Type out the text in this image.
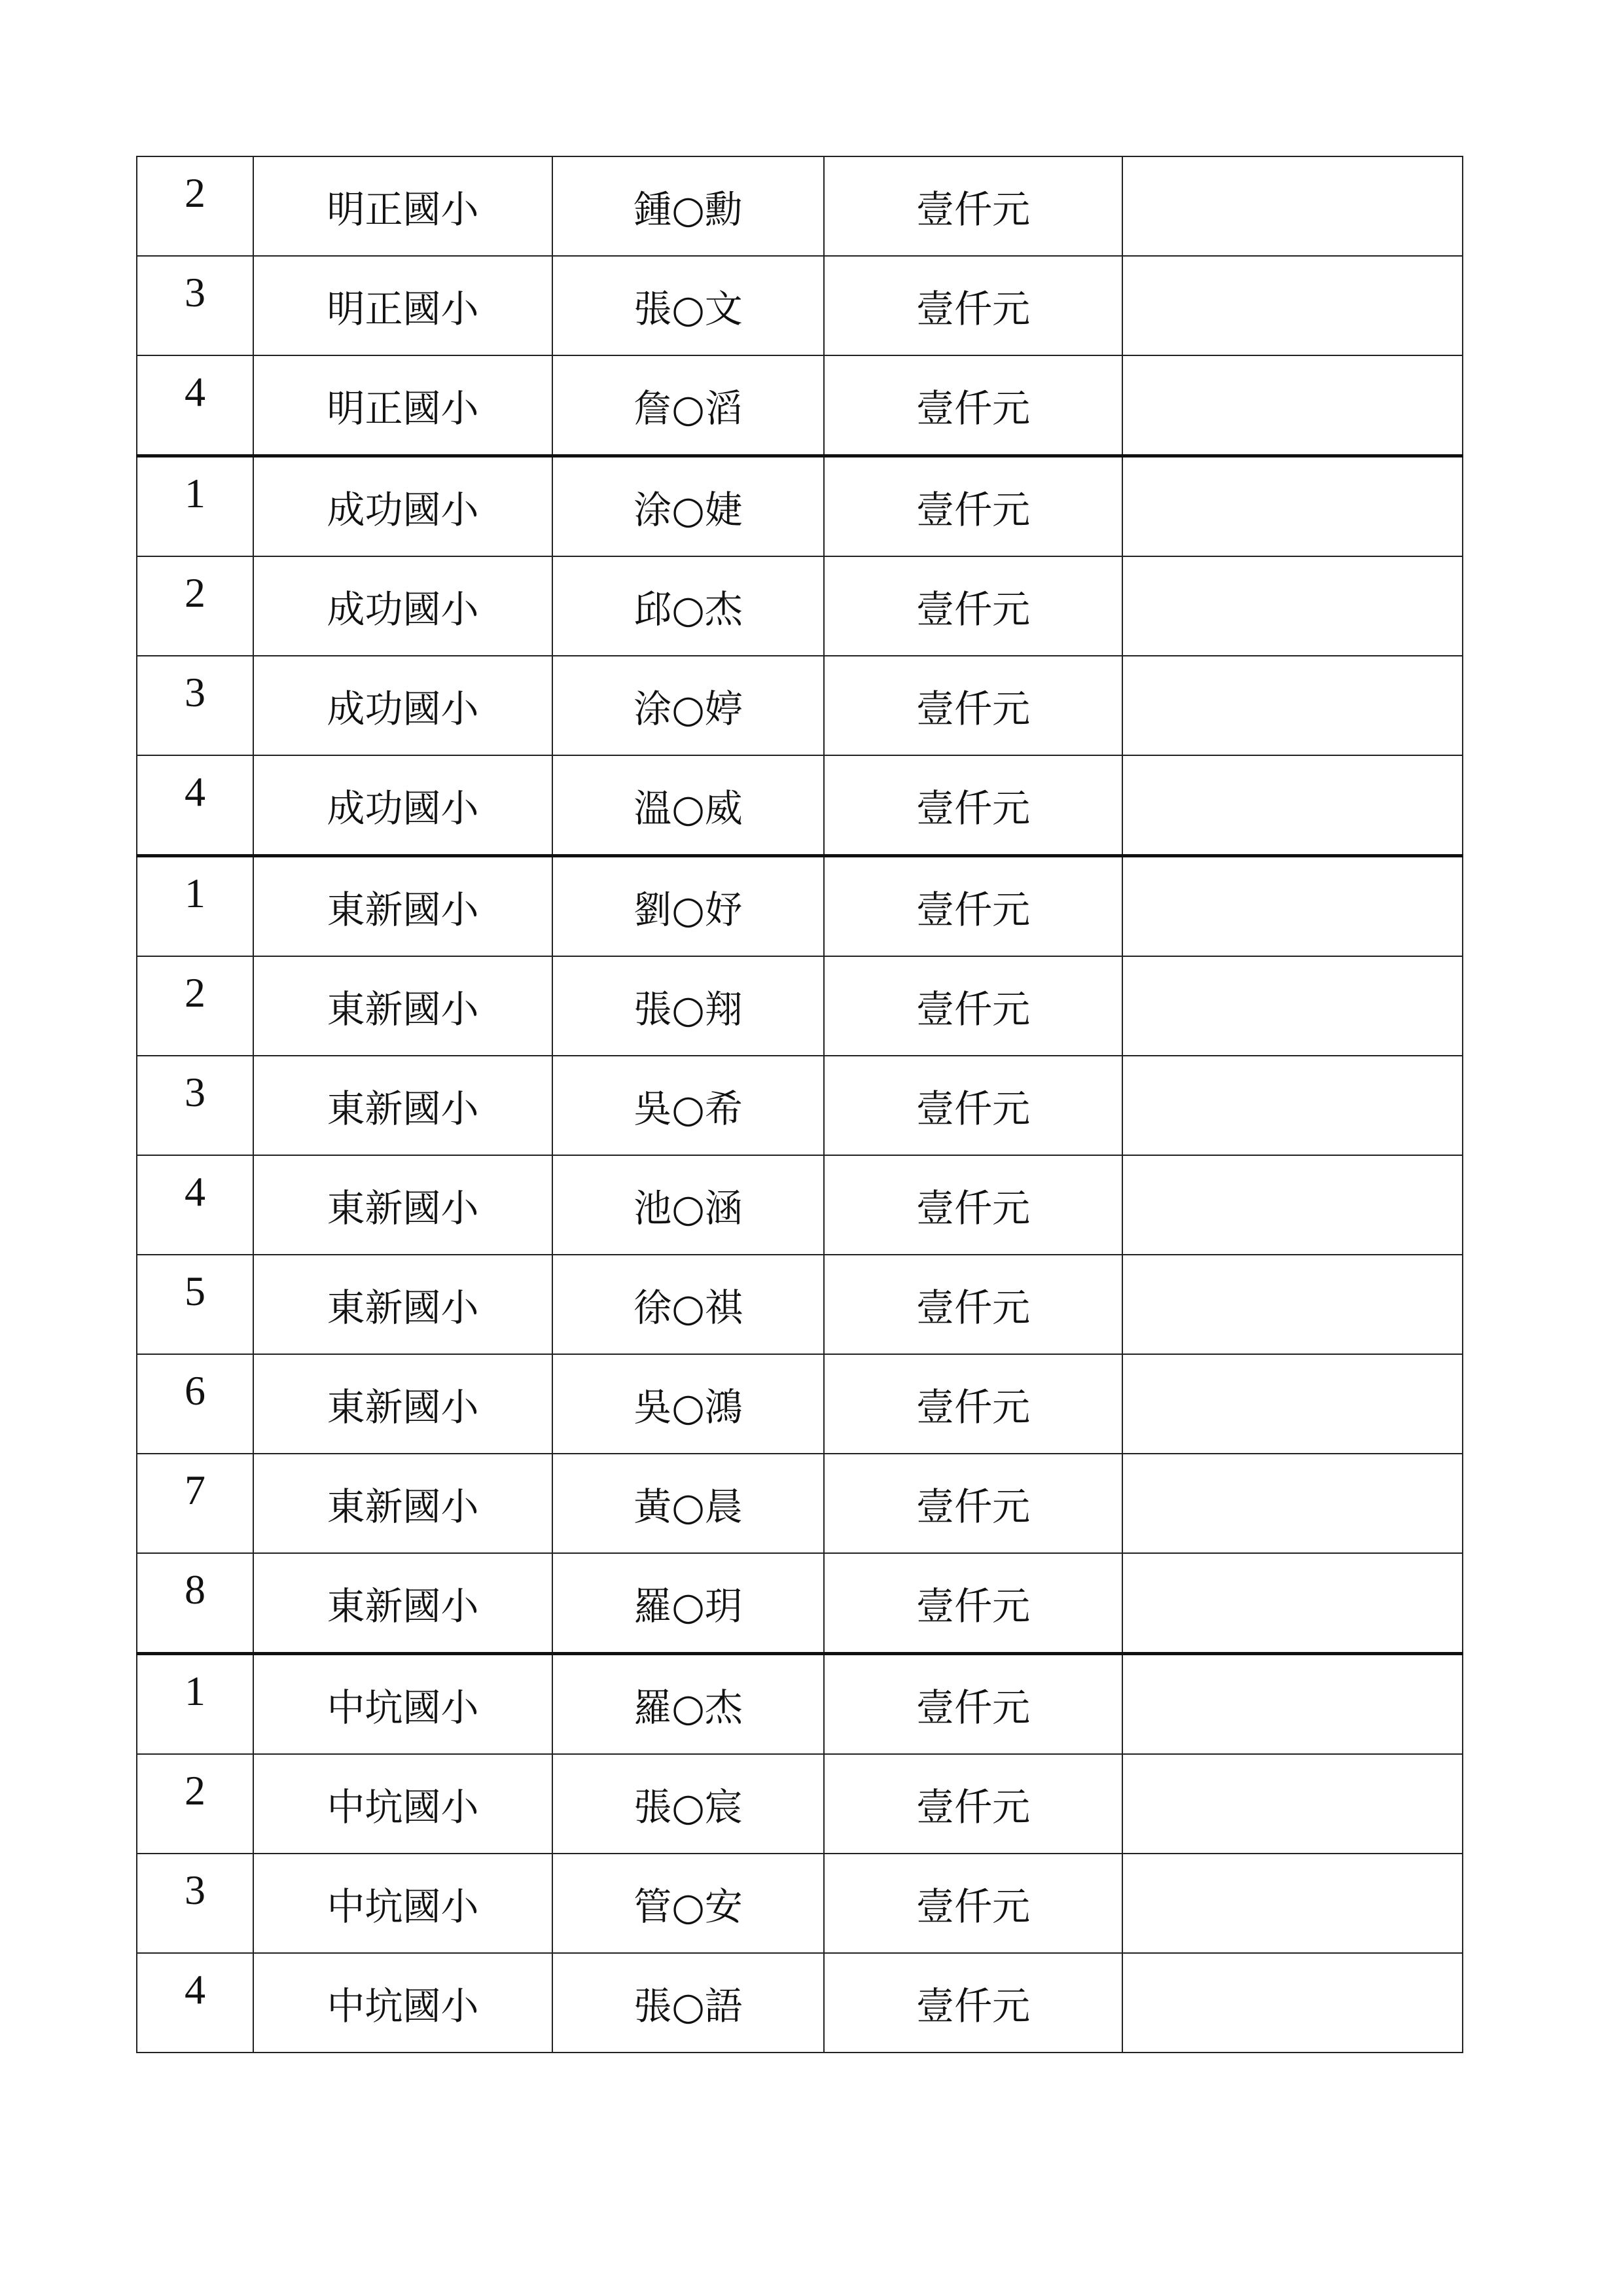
2	明正國小	鍾○勳	壹仟元	
3	明正國小	張○文	壹仟元	
4	明正國小	詹○滔	壹仟元	
1	成功國小	涂○婕	壹仟元	
2	成功國小	邱○杰	壹仟元	
3	成功國小	涂○婷	壹仟元	
4	成功國小	溫○威	壹仟元	
1	東新國小	劉○妤	壹仟元	
2	東新國小	張○翔	壹仟元	
3	東新國小	吳○希	壹仟元	
4	東新國小	池○涵	壹仟元	
5	東新國小	徐○祺	壹仟元	
6	東新國小	吳○鴻	壹仟元	
7	東新國小	黃○晨	壹仟元	
8	東新國小	羅○玥	壹仟元	
1	中坑國小	羅○杰	壹仟元	
2	中坑國小	張○宸	壹仟元	
3	中坑國小	管○安	壹仟元	
4	中坑國小	張○語	壹仟元	
